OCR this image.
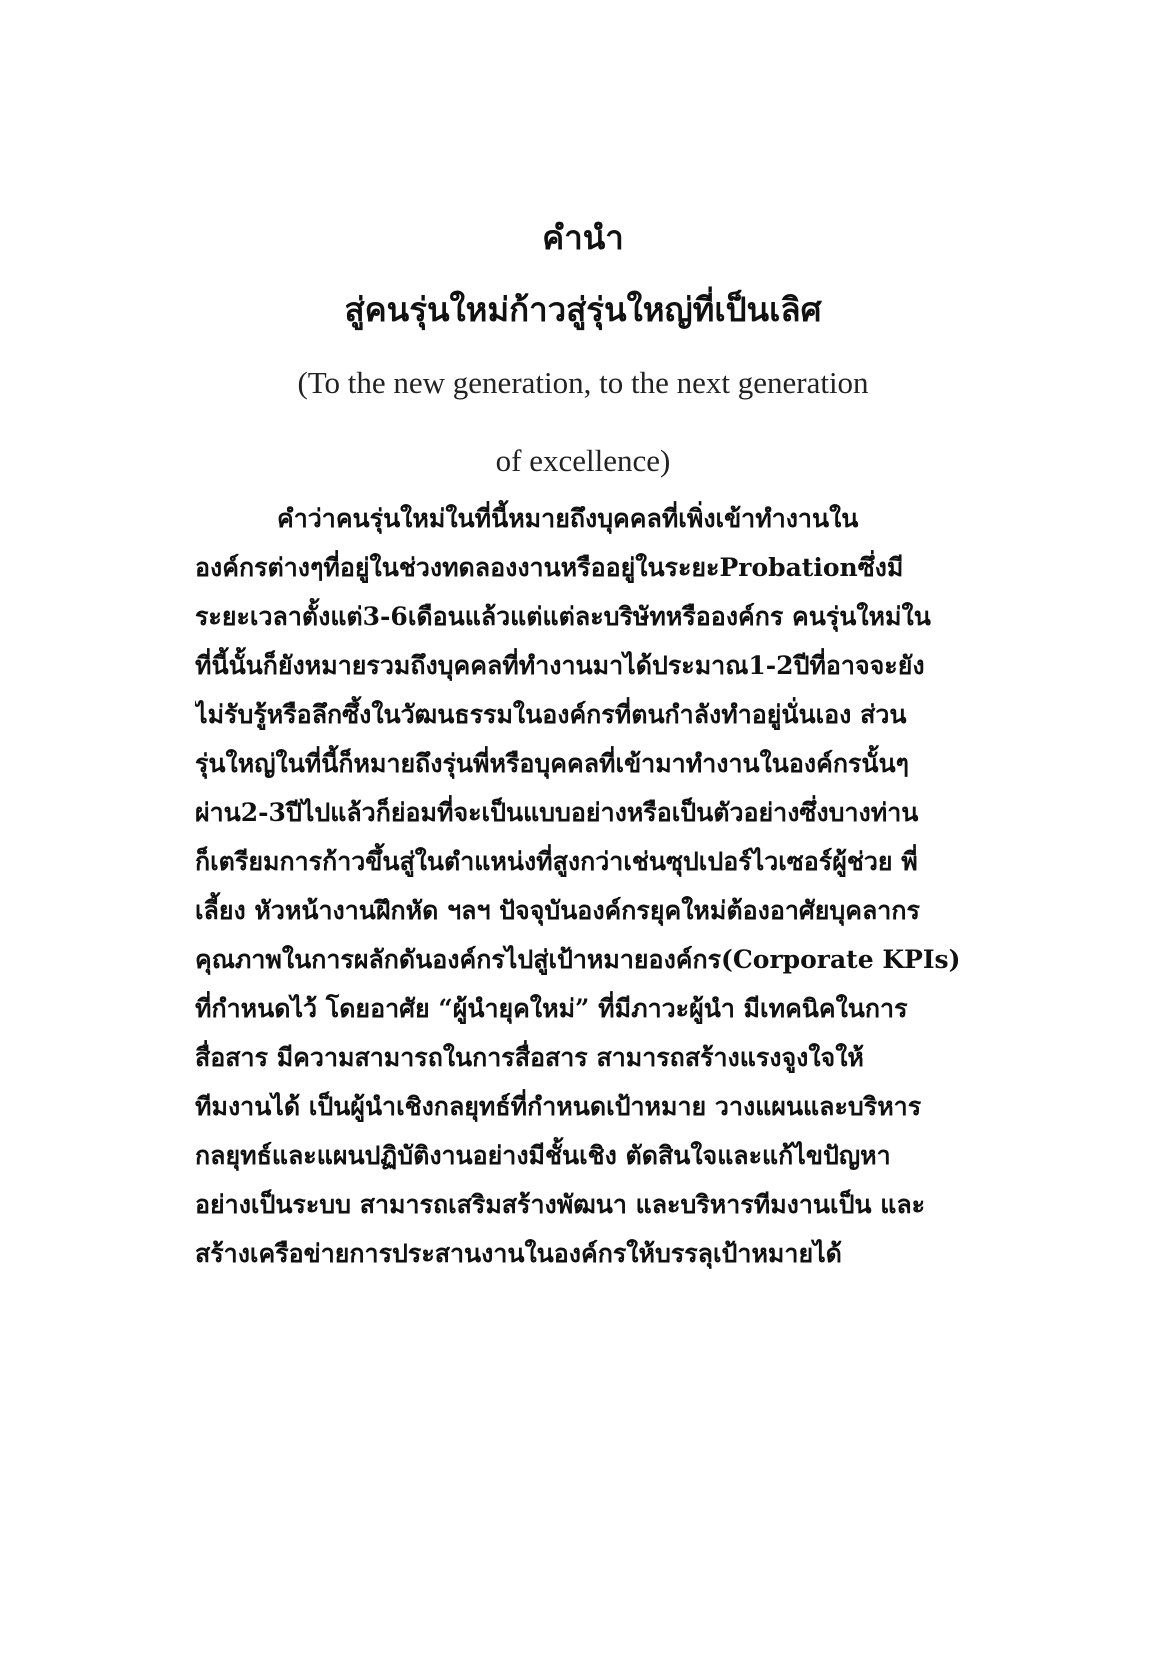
คำนำ
สู่คนรุ่นใหม่ก้าวสู่รุ่นใหญ่ที่เป็นเลิศ
(To the new generation, to the next generation
of excellence)
คำว่าคนรุ่นใหม่ในที่นี้หมายถึงบุคคลที่เพิ่งเข้าทำงานใน
องค์กรต่างๆที่อยู่ในช่วงทดลองงานหรืออยู่ในระยะProbationซึ่งมี
ระยะเวลาตั้งแต่3-6เดือนแล้วแต่แต่ละบริษัทหรือองค์กร คนรุ่นใหม่ใน
ที่นี้นั้นก็ยังหมายรวมถึงบุคคลที่ทำงานมาได้ประมาณ1-2ปีที่อาจจะยัง
ไม่รับรู้หรือลึกซึ้งในวัฒนธรรมในองค์กรที่ตนกำลังทำอยู่นั่นเอง ส่วน
รุ่นใหญ่ในที่นี้ก็หมายถึงรุ่นพี่หรือบุคคลที่เข้ามาทำงานในองค์กรนั้นๆ
ผ่าน2-3ปีไปแล้วก็ย่อมที่จะเป็นแบบอย่างหรือเป็นตัวอย่างซึ่งบางท่าน
ก็เตรียมการก้าวขึ้นสู่ในตำแหน่งที่สูงกว่าเช่นซุปเปอร์ไวเซอร์ผู้ช่วย พี่
เลี้ยง หัวหน้างานฝึกหัด ฯลฯ ปัจจุบันองค์กรยุคใหม่ต้องอาศัยบุคลากร
คุณภาพในการผลักดันองค์กรไปสู่เป้าหมายองค์กร(Corporate KPIs)
ที่กำหนดไว้ โดยอาศัย “ผู้นำยุคใหม่” ที่มีภาวะผู้นำ มีเทคนิคในการ
สื่อสาร มีความสามารถในการสื่อสาร สามารถสร้างแรงจูงใจให้
ทีมงานได้ เป็นผู้นำเชิงกลยุทธ์ที่กำหนดเป้าหมาย วางแผนและบริหาร
กลยุทธ์และแผนปฏิบัติงานอย่างมีชั้นเชิง ตัดสินใจและแก้ไขปัญหา
อย่างเป็นระบบ สามารถเสริมสร้างพัฒนา และบริหารทีมงานเป็น และ
สร้างเครือข่ายการประสานงานในองค์กรให้บรรลุเป้าหมายได้
